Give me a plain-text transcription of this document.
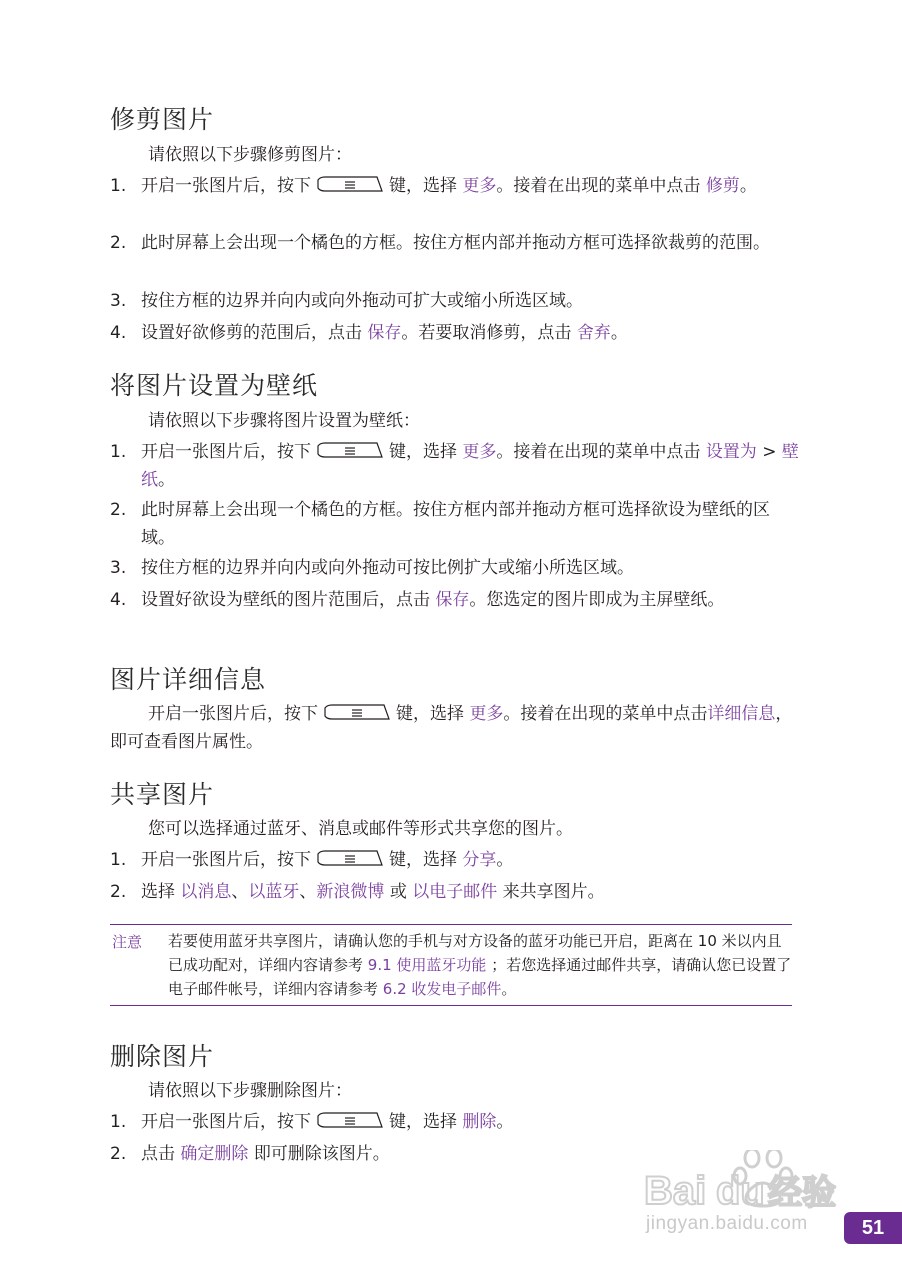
修剪图片

请依照以下步骤修剪图片：

1. 开启一张图片后，按下	键，选择 更多。接着在出现的菜单中点击 修剪。
2. 此时屏幕上会出现一个橘色的方框。按住方框内部并拖动方框可选择欲裁剪的范围。
3. 按住方框的边界并向内或向外拖动可扩大或缩小所选区域。
4. 设置好欲修剪的范围后，点击 保存。若要取消修剪，点击 舍弃。
将图片设置为壁纸

请依照以下步骤将图片设置为壁纸：

1. 开启一张图片后，按下	键，选择 更多。接着在出现的菜单中点击 设置为 > 壁纸。
2. 此时屏幕上会出现一个橘色的方框。按住方框内部并拖动方框可选择欲设为壁纸的区域。
3. 按住方框的边界并向内或向外拖动可按比例扩大或缩小所选区域。
4. 设置好欲设为壁纸的图片范围后，点击 保存。您选定的图片即成为主屏壁纸。
图片详细信息

开启一张图片后，按下	键，选择 更多。接着在出现的菜单中点击详细信息，即可查看图片属性。

共享图片

您可以选择通过蓝牙、消息或邮件等形式共享您的图片。

1. 开启一张图片后，按下	键，选择 分享。
2. 选择 以消息、以蓝牙、新浪微博 或 以电子邮件 来共享图片。
注意 若要使用蓝牙共享图片，请确认您的手机与对方设备的蓝牙功能已开启，距离在 10 米以内且已成功配对，详细内容请参考 9.1 使用蓝牙功能 ；若您选择通过邮件共享，请确认您已设置了电子邮件帐号，详细内容请参考 6.2 收发电子邮件。
删除图片

请依照以下步骤删除图片：

1. 开启一张图片后，按下	键，选择 删除。
2. 点击 确定删除 即可删除该图片。
Bai du 经验
jingyan.baidu.com	51
